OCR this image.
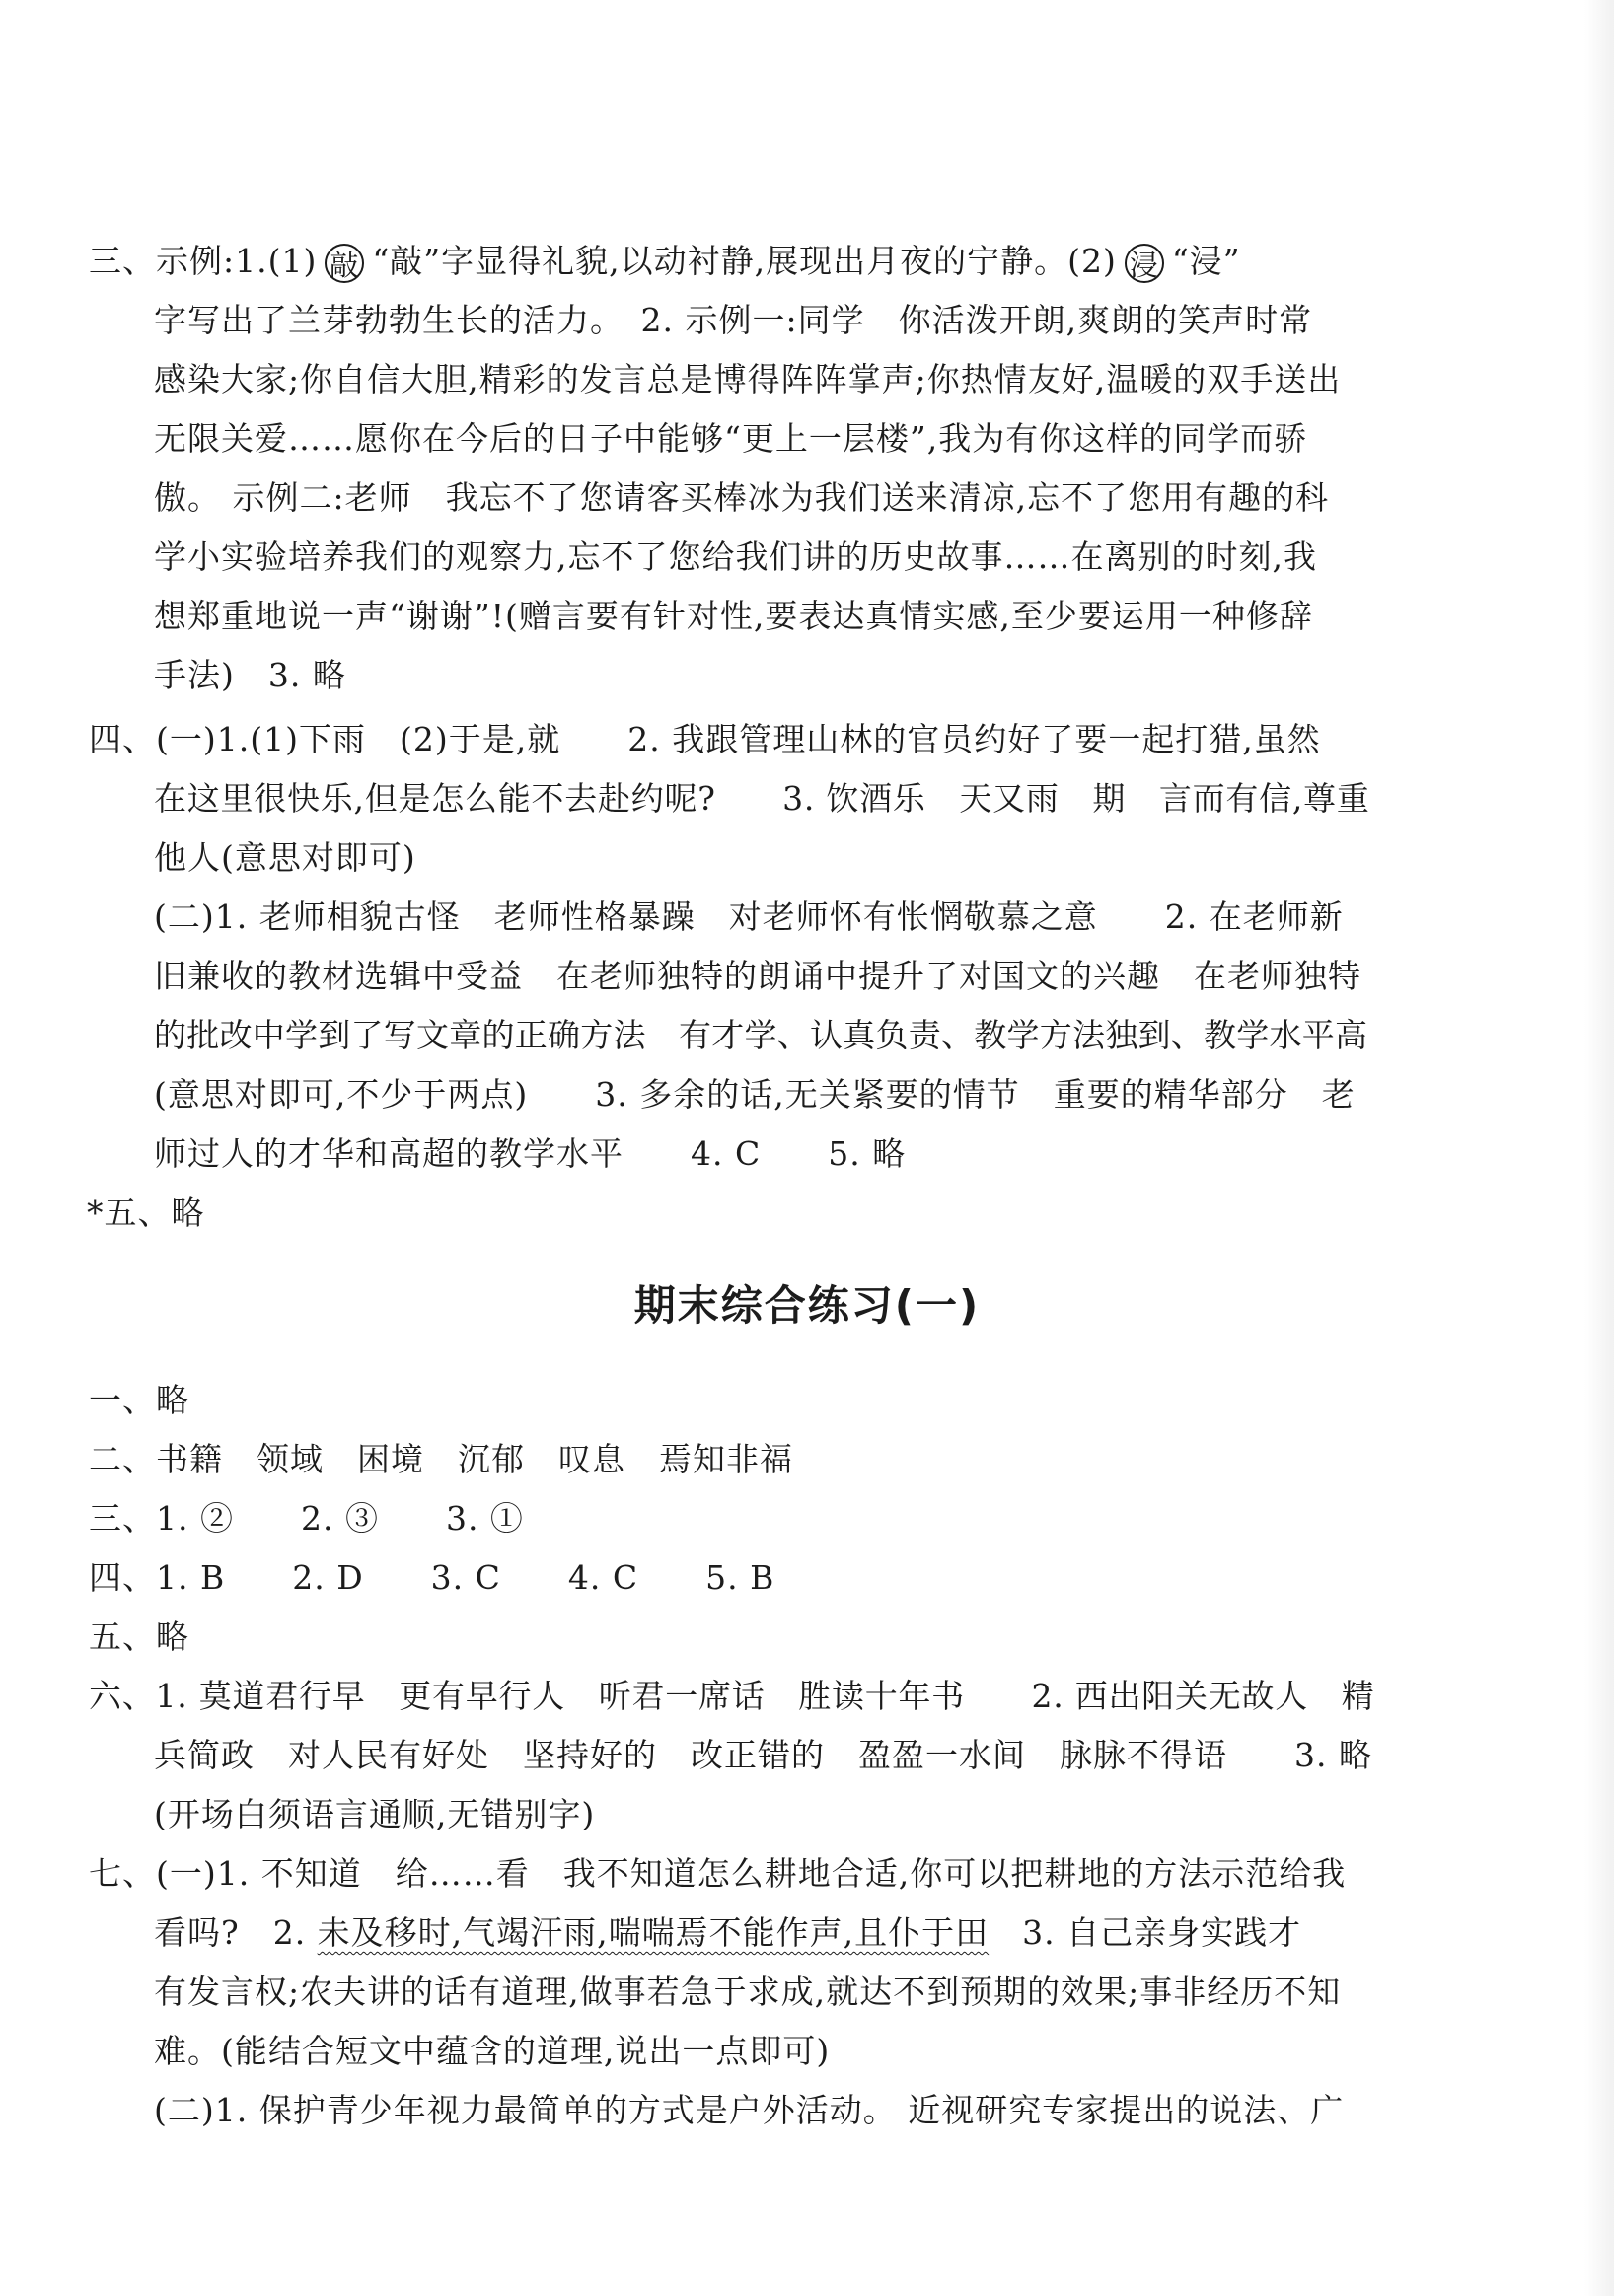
三、示例:1.(1) 敲 “敲”字显得礼貌,以动衬静,展现出月夜的宁静。(2) 浸 “浸”
字写出了兰芽勃勃生长的活力。　2. 示例一:同学　你活泼开朗,爽朗的笑声时常
感染大家;你自信大胆,精彩的发言总是博得阵阵掌声;你热情友好,温暖的双手送出
无限关爱……愿你在今后的日子中能够“更上一层楼”,我为有你这样的同学而骄
傲。 示例二:老师　我忘不了您请客买棒冰为我们送来清凉,忘不了您用有趣的科
学小实验培养我们的观察力,忘不了您给我们讲的历史故事……在离别的时刻,我
想郑重地说一声“谢谢”!(赠言要有针对性,要表达真情实感,至少要运用一种修辞
手法)　3. 略
四、(一)1.(1)下雨　(2)于是,就　　2. 我跟管理山林的官员约好了要一起打猎,虽然
在这里很快乐,但是怎么能不去赴约呢?　　3. 饮酒乐　天又雨　期　言而有信,尊重
他人(意思对即可)
(二)1. 老师相貌古怪　老师性格暴躁　对老师怀有怅惘敬慕之意　　2. 在老师新
旧兼收的教材选辑中受益　在老师独特的朗诵中提升了对国文的兴趣　在老师独特
的批改中学到了写文章的正确方法　有才学、认真负责、教学方法独到、教学水平高
(意思对即可,不少于两点)　　3. 多余的话,无关紧要的情节　重要的精华部分　老
师过人的才华和高超的教学水平　　4. C　　5. 略
*五、略
期末综合练习(一)
一、略
二、书籍　领域　困境　沉郁　叹息　焉知非福
三、1. ②　　2. ③　　3. ①
四、1. B　　2. D　　3. C　　4. C　　5. B
五、略
六、1. 莫道君行早　更有早行人　听君一席话　胜读十年书　　2. 西出阳关无故人　精
兵简政　对人民有好处　坚持好的　改正错的　盈盈一水间　脉脉不得语　　3. 略
(开场白须语言通顺,无错别字)
七、(一)1. 不知道　给……看　我不知道怎么耕地合适,你可以把耕地的方法示范给我
看吗?　2. 未及移时,气竭汗雨,喘喘焉不能作声,且仆于田　3. 自己亲身实践才
有发言权;农夫讲的话有道理,做事若急于求成,就达不到预期的效果;事非经历不知
难。(能结合短文中蕴含的道理,说出一点即可)
(二)1. 保护青少年视力最简单的方式是户外活动。 近视研究专家提出的说法、广
